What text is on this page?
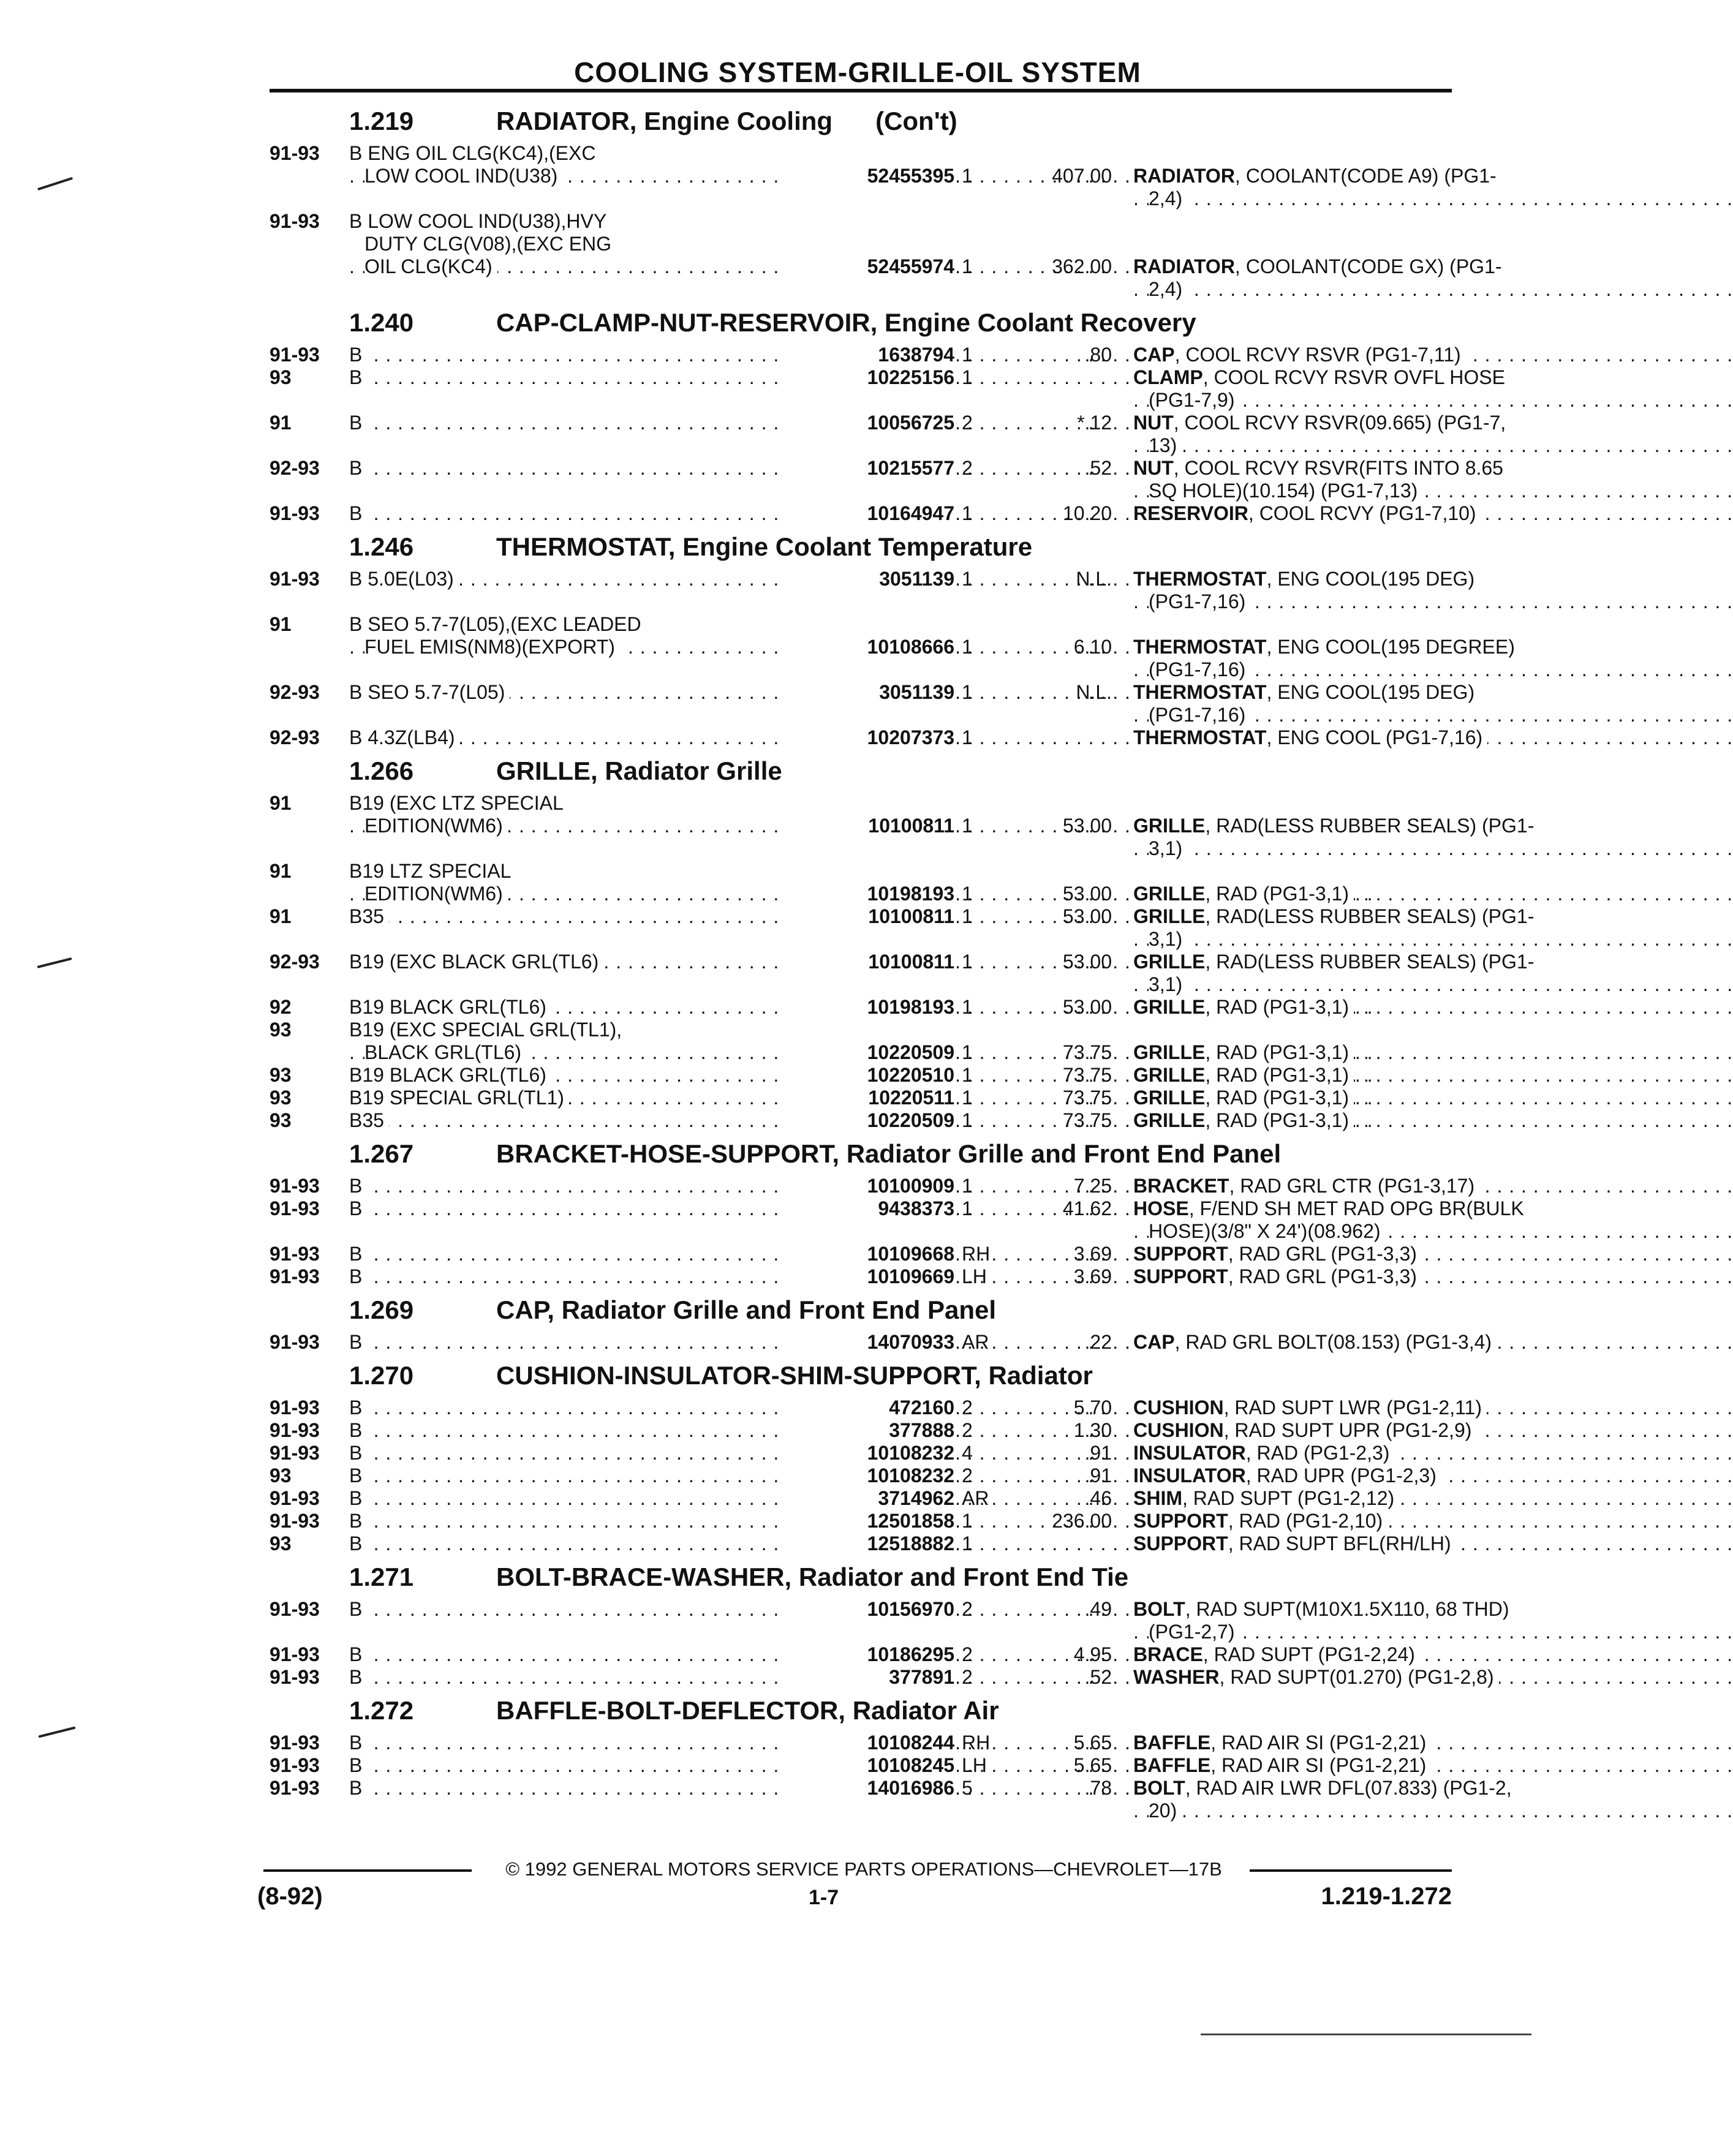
COOLING SYSTEM-GRILLE-OIL SYSTEM
1.219	RADIATOR, Engine Cooling (Con't)
91-93 B ENG OIL CLG(KC4),(EXC
LOW COOL IND(U38) . . .	52455395 1	407.00 RADIATOR, COOLANT(CODE A9) (PG1-
2,4) . . .
91-93 B LOW COOL IND(U38),HVY
DUTY CLG(V08),(EXC ENG
OIL CLG(KC4) . . .	52455974 1	362.00 RADIATOR, COOLANT(CODE GX) (PG1-
2,4) . . .
1.240	CAP-CLAMP-NUT-RESERVOIR, Engine Coolant Recovery
91-93 B . . .	1638794 1	.80 CAP, COOL RCVY RSVR (PG1-7,11) . . .
93	B . . .	10225156 1	CLAMP, COOL RCVY RSVR OVFL HOSE
(PG1-7,9) . . .
91	B . . .	10056725 2	*.12 NUT, COOL RCVY RSVR(09.665) (PG1-7,
13) . . .
92-93 B . . .	10215577 2	.52 NUT, COOL RCVY RSVR(FITS INTO 8.65
SQ HOLE)(10.154) (PG1-7,13) . . .
91-93 B . . .	10164947 1	10.20 RESERVOIR, COOL RCVY (PG1-7,10) . . .
1.246	THERMOSTAT, Engine Coolant Temperature
91-93 B 5.0E(L03) . . .	3051139 1	N.L. THERMOSTAT, ENG COOL(195 DEG)
(PG1-7,16) . . .
91	B SEO 5.7-7(L05),(EXC LEADED
FUEL EMIS(NM8)(EXPORT) . . .	10108666 1	6.10 THERMOSTAT, ENG COOL(195 DEGREE)
(PG1-7,16) . . .
92-93 B SEO 5.7-7(L05) . . .	3051139 1	N.L. THERMOSTAT, ENG COOL(195 DEG)
(PG1-7,16) . . .
92-93 B 4.3Z(LB4) . . .	10207373 1	THERMOSTAT, ENG COOL (PG1-7,16) . . .
1.266	GRILLE, Radiator Grille
91	B19 (EXC LTZ SPECIAL
EDITION(WM6) . . .	10100811 1	53.00 GRILLE, RAD(LESS RUBBER SEALS) (PG1-
3,1) . . .
91	B19 LTZ SPECIAL
EDITION(WM6) . . .	10198193 1	53.00 GRILLE, RAD (PG1-3,1) . . .
91	B35 . . .	10100811 1	53.00 GRILLE, RAD(LESS RUBBER SEALS) (PG1-
3,1) . . .
92-93 B19 (EXC BLACK GRL(TL6) . . .	10100811 1	53.00 GRILLE, RAD(LESS RUBBER SEALS) (PG1-
3,1) . . .
92	B19 BLACK GRL(TL6) . . .	10198193 1	53.00 GRILLE, RAD (PG1-3,1) . . .
93	B19 (EXC SPECIAL GRL(TL1),
BLACK GRL(TL6) . . .	10220509 1	73.75 GRILLE, RAD (PG1-3,1) . . .
93	B19 BLACK GRL(TL6) . . .	10220510 1	73.75 GRILLE, RAD (PG1-3,1) . . .
93	B19 SPECIAL GRL(TL1) . . .	10220511 1	73.75 GRILLE, RAD (PG1-3,1) . . .
93	B35 . . .	10220509 1	73.75 GRILLE, RAD (PG1-3,1) . . .
1.267	BRACKET-HOSE-SUPPORT, Radiator Grille and Front End Panel
91-93 B . . .	10100909 1	7.25 BRACKET, RAD GRL CTR (PG1-3,17) . . .
91-93 B . . .	9438373 1	41.62 HOSE, F/END SH MET RAD OPG BR(BULK
HOSE)(3/8" X 24')(08.962) . . .
91-93 B . . .	10109668 RH	3.69 SUPPORT, RAD GRL (PG1-3,3) . . .
91-93 B . . .	10109669 LH	3.69 SUPPORT, RAD GRL (PG1-3,3) . . .
1.269	CAP, Radiator Grille and Front End Panel
91-93 B . . .	14070933 AR	.22 CAP, RAD GRL BOLT(08.153) (PG1-3,4) . . .
1.270	CUSHION-INSULATOR-SHIM-SUPPORT, Radiator
91-93 B . . .	472160 2	5.70 CUSHION, RAD SUPT LWR (PG1-2,11) . . .
91-93 B . . .	377888 2	1.30 CUSHION, RAD SUPT UPR (PG1-2,9) . . .
91-93 B . . .	10108232 4	.91 INSULATOR, RAD (PG1-2,3) . . .
93	B . . .	10108232 2	.91 INSULATOR, RAD UPR (PG1-2,3) . . .
91-93 B . . .	3714962 AR	.46 SHIM, RAD SUPT (PG1-2,12) . . .
91-93 B . . .	12501858 1	236.00 SUPPORT, RAD (PG1-2,10) . . .
93	B . . .	12518882 1	SUPPORT, RAD SUPT BFL(RH/LH) . . .
1.271	BOLT-BRACE-WASHER, Radiator and Front End Tie
91-93 B . . .	10156970 2	.49 BOLT, RAD SUPT(M10X1.5X110, 68 THD)
(PG1-2,7) . . .
91-93 B . . .	10186295 2	4.95 BRACE, RAD SUPT (PG1-2,24) . . .
91-93 B . . .	377891 2	.52 WASHER, RAD SUPT(01.270) (PG1-2,8) . . .
1.272	BAFFLE-BOLT-DEFLECTOR, Radiator Air
91-93 B . . .	10108244 RH	5.65 BAFFLE, RAD AIR SI (PG1-2,21) . . .
91-93 B . . .	10108245 LH	5.65 BAFFLE, RAD AIR SI (PG1-2,21) . . .
91-93 B . . .	14016986 5	.78 BOLT, RAD AIR LWR DFL(07.833) (PG1-2,
20) . . .
© 1992 GENERAL MOTORS SERVICE PARTS OPERATIONS—CHEVROLET—17B
(8-92)	1-7	1.219-1.272
